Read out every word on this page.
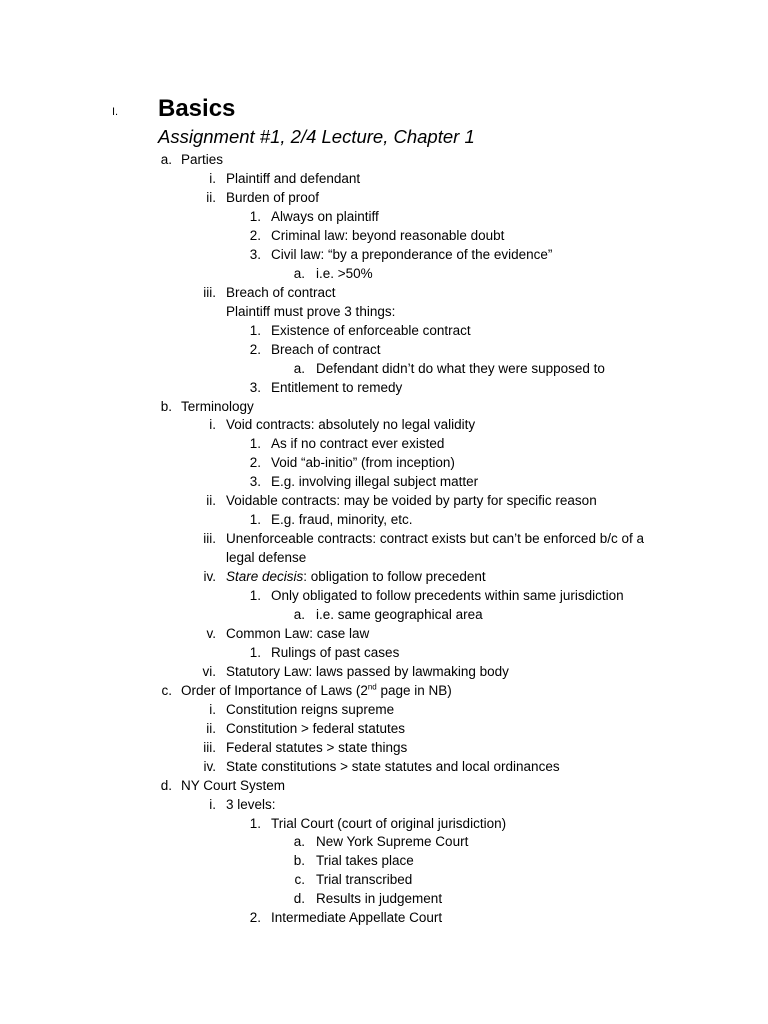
I. Basics
Assignment #1, 2/4 Lecture, Chapter 1
a. Parties
i. Plaintiff and defendant
ii. Burden of proof
1. Always on plaintiff
2. Criminal law: beyond reasonable doubt
3. Civil law: “by a preponderance of the evidence”
a. i.e. >50%
iii. Breach of contract
Plaintiff must prove 3 things:
1. Existence of enforceable contract
2. Breach of contract
a. Defendant didn’t do what they were supposed to
3. Entitlement to remedy
b. Terminology
i. Void contracts: absolutely no legal validity
1. As if no contract ever existed
2. Void “ab-initio” (from inception)
3. E.g. involving illegal subject matter
ii. Voidable contracts: may be voided by party for specific reason
1. E.g. fraud, minority, etc.
iii. Unenforceable contracts: contract exists but can’t be enforced b/c of a legal defense
iv. Stare decisis: obligation to follow precedent
1. Only obligated to follow precedents within same jurisdiction
a. i.e. same geographical area
v. Common Law: case law
1. Rulings of past cases
vi. Statutory Law: laws passed by lawmaking body
c. Order of Importance of Laws (2nd page in NB)
i. Constitution reigns supreme
ii. Constitution > federal statutes
iii. Federal statutes > state things
iv. State constitutions > state statutes and local ordinances
d. NY Court System
i. 3 levels:
1. Trial Court (court of original jurisdiction)
a. New York Supreme Court
b. Trial takes place
c. Trial transcribed
d. Results in judgement
2. Intermediate Appellate Court
